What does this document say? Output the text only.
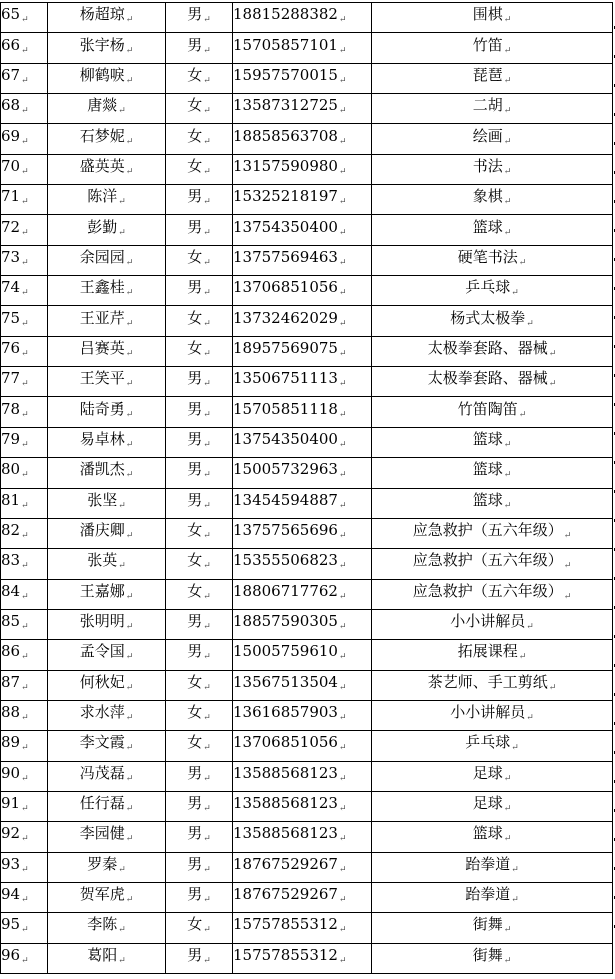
$65_↵$	杨超琼$_↵$	男$_↵$	$18815288382_↵$	围棋$_↵$
$66_↵$	张宇杨$_↵$	男$_↵$	$15705857101_↵$	竹笛$_↵$
$67_↵$	柳鹤唳$_↵$	女$_↵$	$15957570015_↵$	琵琶$_↵$
$68_↵$	唐燚$_↵$	女$_↵$	$13587312725_↵$	二胡$_↵$
$69_↵$	石梦妮$_↵$	女$_↵$	$18858563708_↵$	绘画$_↵$
$70_↵$	盛英英$_↵$	女$_↵$	$13157590980_↵$	书法$_↵$
$71_↵$	陈洋$_↵$	男$_↵$	$15325218197_↵$	象棋$_↵$
$72_↵$	彭勤$_↵$	男$_↵$	$13754350400_↵$	篮球$_↵$
$73_↵$	余园园$_↵$	女$_↵$	$13757569463_↵$	硬笔书法$_↵$
$74_↵$	王鑫桂$_↵$	男$_↵$	$13706851056_↵$	乒乓球$_↵$
$75_↵$	王亚芹$_↵$	女$_↵$	$13732462029_↵$	杨式太极拳$_↵$
$76_↵$	吕赛英$_↵$	女$_↵$	$18957569075_↵$	太极拳套路、器械$_↵$
$77_↵$	王笑平$_↵$	男$_↵$	$13506751113_↵$	太极拳套路、器械$_↵$
$78_↵$	陆奇勇$_↵$	男$_↵$	$15705851118_↵$	竹笛陶笛$_↵$
$79_↵$	易卓林$_↵$	男$_↵$	$13754350400_↵$	篮球$_↵$
$80_↵$	潘凯杰$_↵$	男$_↵$	$15005732963_↵$	篮球$_↵$
$81_↵$	张坚$_↵$	男$_↵$	$13454594887_↵$	篮球$_↵$
$82_↵$	潘庆卿$_↵$	女$_↵$	$13757565696_↵$	应急救护（五六年级）$_↵$
$83_↵$	张英$_↵$	女$_↵$	$15355506823_↵$	应急救护（五六年级）$_↵$
$84_↵$	王嘉娜$_↵$	女$_↵$	$18806717762_↵$	应急救护（五六年级）$_↵$
$85_↵$	张明明$_↵$	男$_↵$	$18857590305_↵$	小小讲解员$_↵$
$86_↵$	孟令国$_↵$	男$_↵$	$15005759610_↵$	拓展课程$_↵$
$87_↵$	何秋妃$_↵$	女$_↵$	$13567513504_↵$	茶艺师、手工剪纸$_↵$
$88_↵$	求水萍$_↵$	女$_↵$	$13616857903_↵$	小小讲解员$_↵$
$89_↵$	李文霞$_↵$	女$_↵$	$13706851056_↵$	乒乓球$_↵$
$90_↵$	冯茂磊$_↵$	男$_↵$	$13588568123_↵$	足球$_↵$
$91_↵$	任行磊$_↵$	男$_↵$	$13588568123_↵$	足球$_↵$
$92_↵$	李园健$_↵$	男$_↵$	$13588568123_↵$	篮球$_↵$
$93_↵$	罗秦$_↵$	男$_↵$	$18767529267_↵$	跆拳道$_↵$
$94_↵$	贺军虎$_↵$	男$_↵$	$18767529267_↵$	跆拳道$_↵$
$95_↵$	李陈$_↵$	女$_↵$	$15757855312_↵$	街舞$_↵$
$96_↵$	葛阳$_↵$	男$_↵$	$15757855312_↵$	街舞$_↵$
